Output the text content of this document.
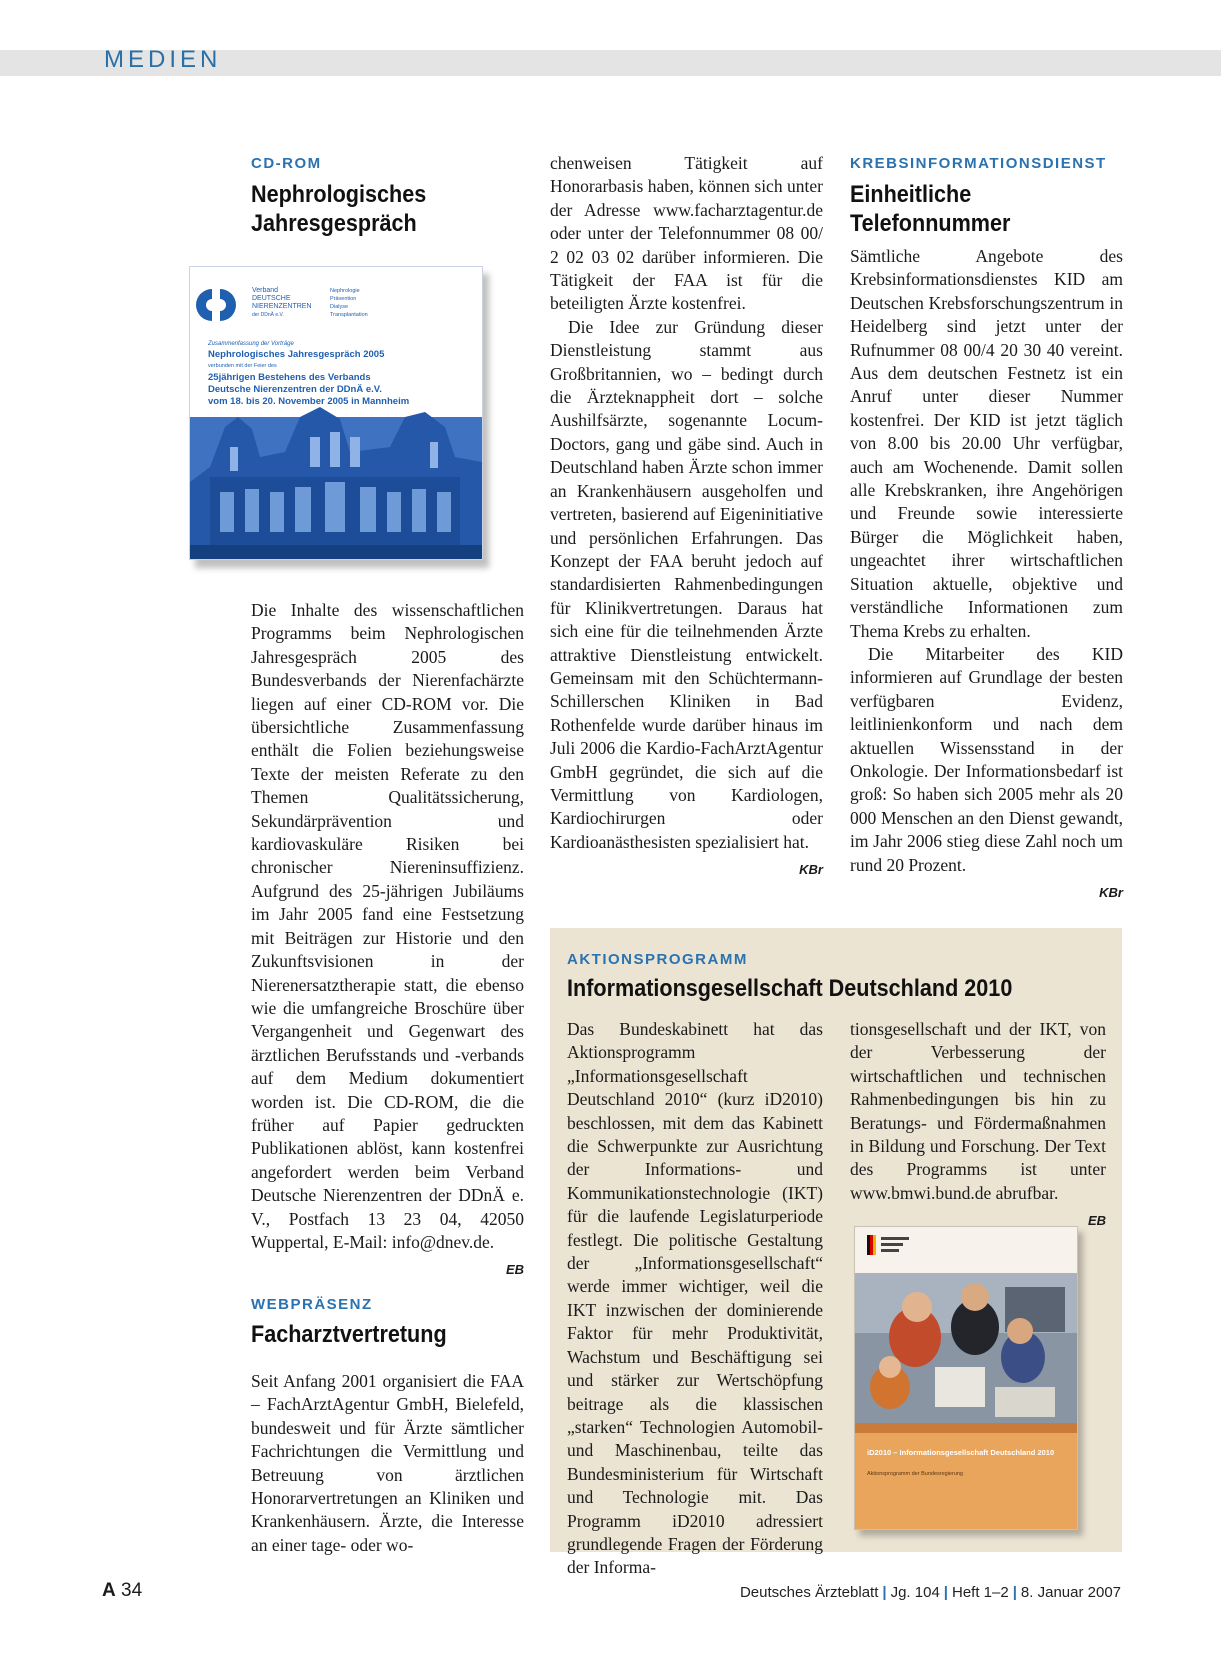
MEDIEN
CD-ROM
Nephrologisches
Jahresgespräch
Verband
DEUTSCHE
NIERENZENTREN
der DDnÄ e.V.
Nephrologie
Prävention
Dialyse
Transplantation
Zusammenfassung der Vorträge
Nephrologisches Jahresgespräch 2005
verbunden mit der Feier des
25jährigen Bestehens des Verbands
Deutsche Nierenzentren der DDnÄ e.V.
vom 18. bis 20. November 2005 in Mannheim

Die Inhalte des wissenschaftlichen Programms beim Nephrologischen Jahresgespräch 2005 des Bundesverbands der Nierenfachärzte liegen auf einer CD-ROM vor. Die übersichtliche Zusammenfassung enthält die Folien beziehungsweise Texte der meisten Referate zu den Themen Qualitätssicherung, Sekundärprävention und kardiovaskuläre Risiken bei chronischer Niereninsuffizienz. Aufgrund des 25-jährigen Jubiläums im Jahr 2005 fand eine Festsetzung mit Beiträgen zur Historie und den Zukunftsvisionen in der Nierenersatztherapie statt, die ebenso wie die umfangreiche Broschüre über Vergangenheit und Gegenwart des ärztlichen Berufsstands und -verbands auf dem Medium dokumentiert worden ist. Die CD-ROM, die die früher auf Papier gedruckten Publikationen ablöst, kann kostenfrei angefordert werden beim Verband Deutsche Nierenzentren der DDnÄ e. V., Postfach 13 23 04, 42050 Wuppertal, E-Mail: info@dnev.de.

EB
WEBPRÄSENZ
Facharztvertretung

Seit Anfang 2001 organisiert die FAA – FachArztAgentur GmbH, Bielefeld, bundesweit und für Ärzte sämtlicher Fachrichtungen die Vermittlung und Betreuung von ärztlichen Honorarvertretungen an Kliniken und Krankenhäusern. Ärzte, die Interesse an einer tage- oder wo-

chenweisen Tätigkeit auf Honorarbasis haben, können sich unter der Adresse www.facharztagentur.de oder unter der Telefonnummer 08 00/ 2 02 03 02 darüber informieren. Die Tätigkeit der FAA ist für die beteiligten Ärzte kostenfrei.

Die Idee zur Gründung dieser Dienstleistung stammt aus Großbritannien, wo – bedingt durch die Ärzteknappheit dort – solche Aushilfsärzte, sogenannte Locum-Doctors, gang und gäbe sind. Auch in Deutschland haben Ärzte schon immer an Krankenhäusern ausgeholfen und vertreten, basierend auf Eigeninitiative und persönlichen Erfahrungen. Das Konzept der FAA beruht jedoch auf standardisierten Rahmenbedingungen für Klinikvertretungen. Daraus hat sich eine für die teilnehmenden Ärzte attraktive Dienstleistung entwickelt. Gemeinsam mit den Schüchtermann-Schillerschen Kliniken in Bad Rothenfelde wurde darüber hinaus im Juli 2006 die Kardio-FachArztAgentur GmbH gegründet, die sich auf die Vermittlung von Kardiologen, Kardiochirurgen oder Kardioanästhesisten spezialisiert hat.

KBr
KREBSINFORMATIONSDIENST
Einheitliche
Telefonnummer

Sämtliche Angebote des Krebsinformationsdienstes KID am Deutschen Krebsforschungszentrum in Heidelberg sind jetzt unter der Rufnummer 08 00/4 20 30 40 vereint. Aus dem deutschen Festnetz ist ein Anruf unter dieser Nummer kostenfrei. Der KID ist jetzt täglich von 8.00 bis 20.00 Uhr verfügbar, auch am Wochenende. Damit sollen alle Krebskranken, ihre Angehörigen und Freunde sowie interessierte Bürger die Möglichkeit haben, ungeachtet ihrer wirtschaftlichen Situation aktuelle, objektive und verständliche Informationen zum Thema Krebs zu erhalten.

Die Mitarbeiter des KID informieren auf Grundlage der besten verfügbaren Evidenz, leitlinienkonform und nach dem aktuellen Wissensstand in der Onkologie. Der Informationsbedarf ist groß: So haben sich 2005 mehr als 20 000 Menschen an den Dienst gewandt, im Jahr 2006 stieg diese Zahl noch um rund 20 Prozent.

KBr
AKTIONSPROGRAMM
Informationsgesellschaft Deutschland 2010

Das Bundeskabinett hat das Aktionsprogramm „Informationsgesellschaft Deutschland 2010“ (kurz iD2010) beschlossen, mit dem das Kabinett die Schwerpunkte zur Ausrichtung der Informations- und Kommunikationstechnologie (IKT) für die laufende Legislaturperiode festlegt. Die politische Gestaltung der „Informationsgesellschaft“ werde immer wichtiger, weil die IKT inzwischen der dominierende Faktor für mehr Produktivität, Wachstum und Beschäftigung sei und stärker zur Wertschöpfung beitrage als die klassischen „starken“ Technologien Automobil- und Maschinenbau, teilte das Bundesministerium für Wirtschaft und Technologie mit. Das Programm iD2010 adressiert grundlegende Fragen der Förderung der Informa-

tionsgesellschaft und der IKT, von der Verbesserung der wirtschaftlichen und technischen Rahmenbedingungen bis hin zu Beratungs- und Fördermaßnahmen in Bildung und Forschung. Der Text des Programms ist unter www.bmwi.bund.de abrufbar.

EB
iD2010 – Informationsgesellschaft Deutschland 2010
Aktionsprogramm der Bundesregierung
A 34	Deutsches Ärzteblatt | Jg. 104 | Heft 1–2 | 8. Januar 2007
